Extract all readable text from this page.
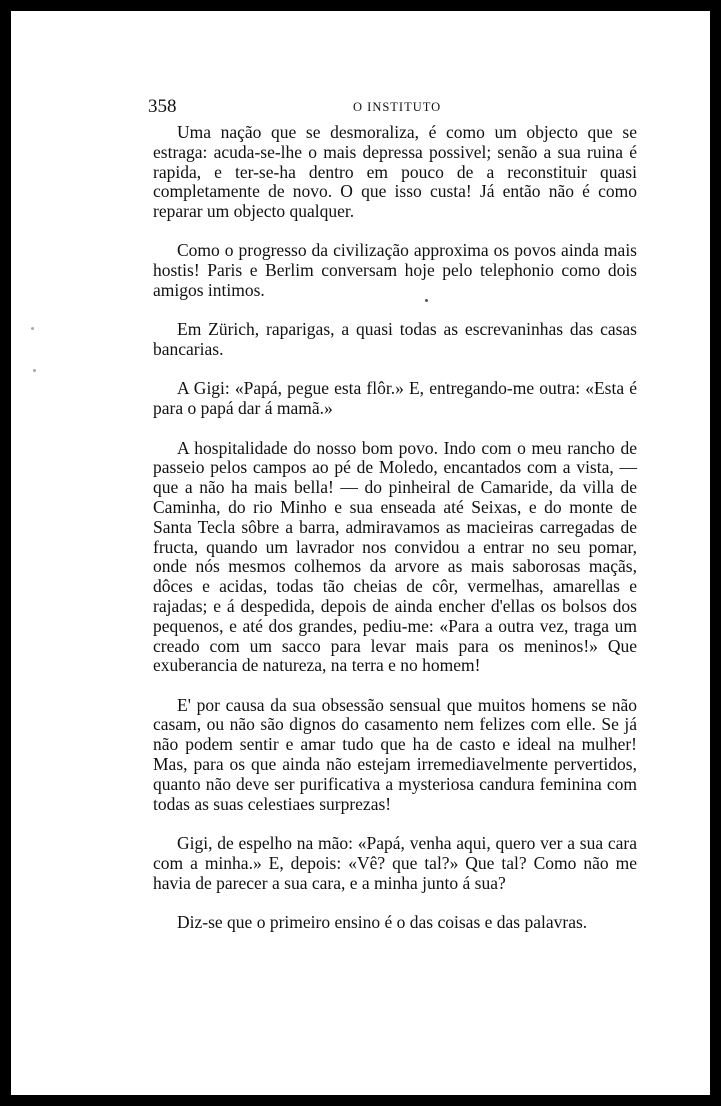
358	O INSTITUTO

Uma nação que se desmoraliza, é como um objecto que se estraga: acuda-se-lhe o mais depressa possivel; senão a sua ruina é rapida, e ter-se-ha dentro em pouco de a reconstituir quasi completamente de novo. O que isso custa! Já então não é como reparar um objecto qualquer.

Como o progresso da civilização approxima os povos ainda mais hostis! Paris e Berlim conversam hoje pelo telephonio como dois amigos intimos.

Em Zürich, raparigas, a quasi todas as escrevaninhas das casas bancarias.

A Gigi: «Papá, pegue esta flôr.» E, entregando-me outra: «Esta é para o papá dar á mamã.»

A hospitalidade do nosso bom povo. Indo com o meu rancho de passeio pelos campos ao pé de Moledo, encantados com a vista, — que a não ha mais bella! — do pinheiral de Camaride, da villa de Caminha, do rio Minho e sua enseada até Seixas, e do monte de Santa Tecla sôbre a barra, admiravamos as macieiras carregadas de fructa, quando um lavrador nos convidou a entrar no seu pomar, onde nós mesmos colhemos da arvore as mais saborosas maçãs, dôces e acidas, todas tão cheias de côr, vermelhas, amarellas e rajadas; e á despedida, depois de ainda encher d'ellas os bolsos dos pequenos, e até dos grandes, pediu-me: «Para a outra vez, traga um creado com um sacco para levar mais para os meninos!» Que exuberancia de natureza, na terra e no homem!

E' por causa da sua obsessão sensual que muitos homens se não casam, ou não são dignos do casamento nem felizes com elle. Se já não podem sentir e amar tudo que ha de casto e ideal na mulher! Mas, para os que ainda não estejam irremediavelmente pervertidos, quanto não deve ser purificativa a mysteriosa candura feminina com todas as suas celestiaes surprezas!

Gigi, de espelho na mão: «Papá, venha aqui, quero ver a sua cara com a minha.» E, depois: «Vê? que tal?» Que tal? Como não me havia de parecer a sua cara, e a minha junto á sua?

Diz-se que o primeiro ensino é o das coisas e das palavras.
